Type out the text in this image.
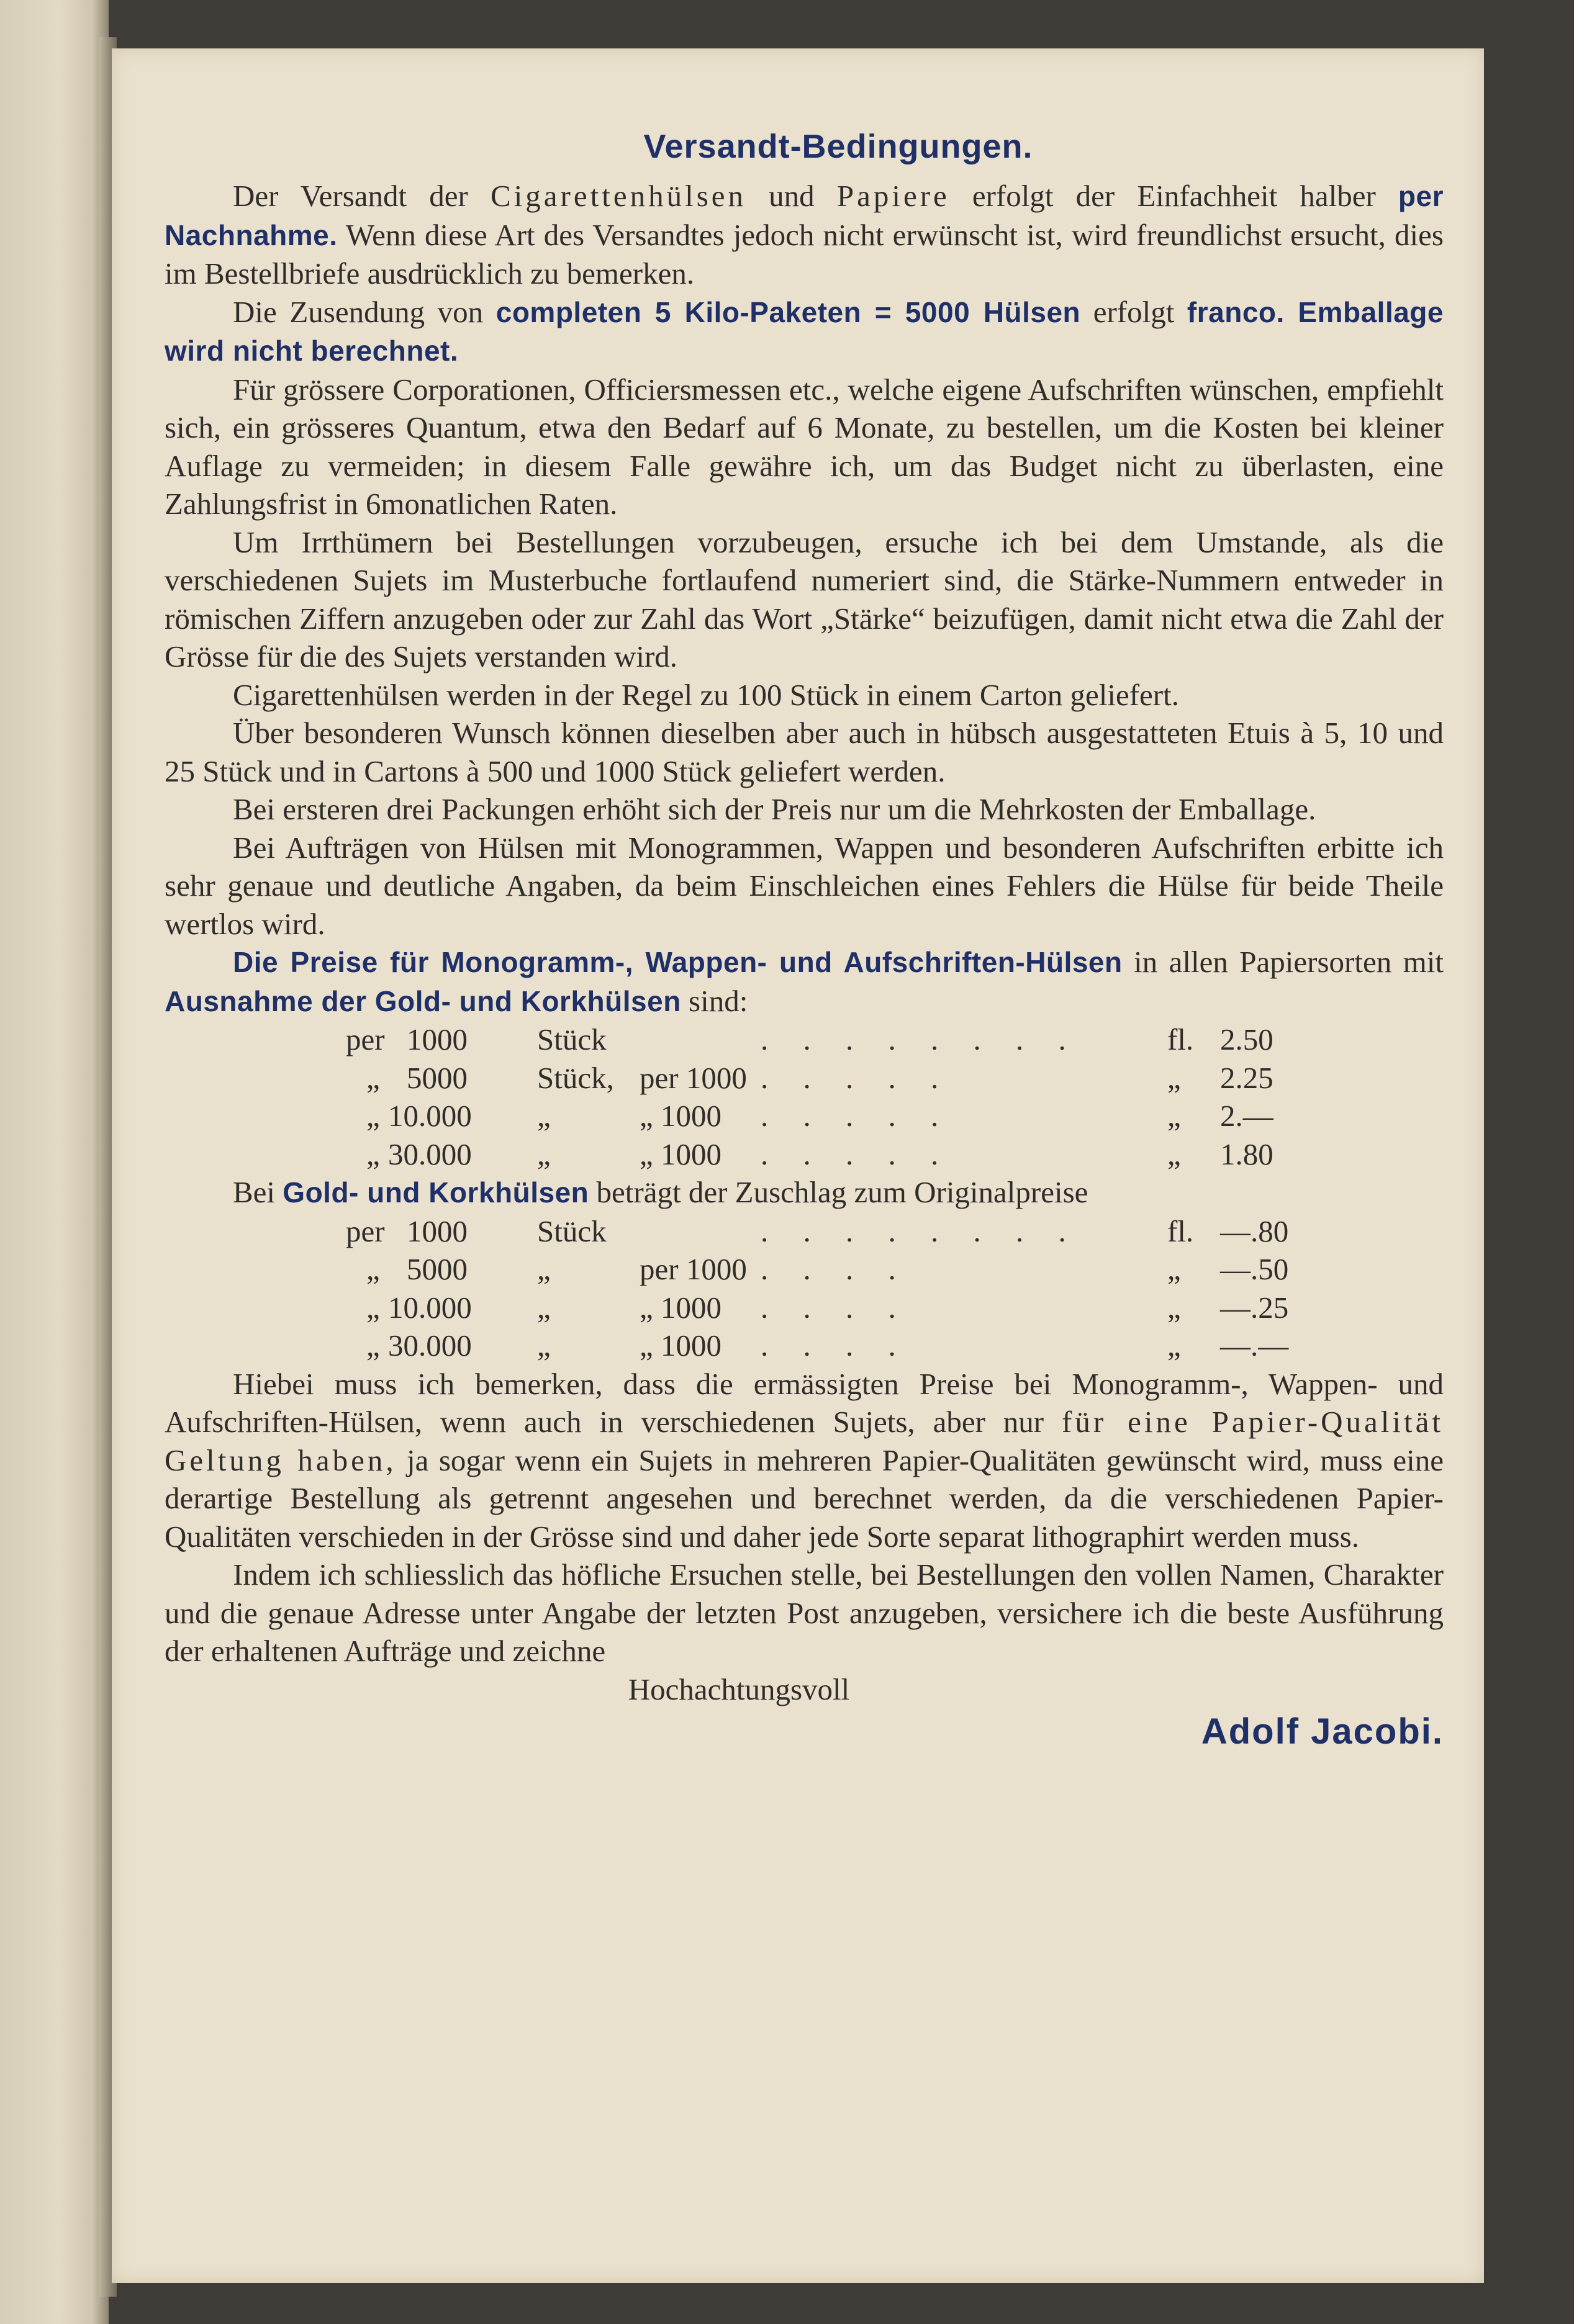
Versandt-Bedingungen.

Der Versandt der Cigarettenhülsen und Papiere erfolgt der Einfachheit halber per Nachnahme. Wenn diese Art des Versandtes jedoch nicht erwünscht ist, wird freundlichst ersucht, dies im Bestellbriefe ausdrücklich zu bemerken.

Die Zusendung von completen 5 Kilo-Paketen = 5000 Hülsen erfolgt franco. Emballage wird nicht berechnet.

Für grössere Corporationen, Officiersmessen etc., welche eigene Aufschriften wünschen, empfiehlt sich, ein grösseres Quantum, etwa den Bedarf auf 6 Monate, zu bestellen, um die Kosten bei kleiner Auflage zu vermeiden; in diesem Falle gewähre ich, um das Budget nicht zu überlasten, eine Zahlungsfrist in 6monatlichen Raten.

Um Irrthümern bei Bestellungen vorzubeugen, ersuche ich bei dem Umstande, als die verschiedenen Sujets im Musterbuche fortlaufend numeriert sind, die Stärke-Nummern entweder in römischen Ziffern anzugeben oder zur Zahl das Wort „Stärke“ beizufügen, damit nicht etwa die Zahl der Grösse für die des Sujets verstanden wird.

Cigarettenhülsen werden in der Regel zu 100 Stück in einem Carton geliefert.

Über besonderen Wunsch können dieselben aber auch in hübsch ausgestatteten Etuis à 5, 10 und 25 Stück und in Cartons à 500 und 1000 Stück geliefert werden.

Bei ersteren drei Packungen erhöht sich der Preis nur um die Mehrkosten der Emballage.

Bei Aufträgen von Hülsen mit Monogrammen, Wappen und besonderen Aufschriften erbitte ich sehr genaue und deutliche Angaben, da beim Einschleichen eines Fehlers die Hülse für beide Theile wertlos wird.

Die Preise für Monogramm-, Wappen- und Aufschriften-Hülsen in allen Papiersorten mit Ausnahme der Gold- und Korkhülsen sind:

per 1000 Stück	. . . . . . . .	fl. 2.50
„ 5000 Stück, per 1000 . . . . .	„ 2.25
„ 10.000 „	„ 1000 . . . . .	„ 2.—
„ 30.000 „	„ 1000 . . . . .	„ 1.80

Bei Gold- und Korkhülsen beträgt der Zuschlag zum Originalpreise

per 1000 Stück	. . . . . . . .	fl. —.80
„ 5000 „	per 1000 . . . .	„ —.50
„ 10.000 „	„ 1000 . . . .	„ —.25
„ 30.000 „	„ 1000 . . . .	„ —.—

Hiebei muss ich bemerken, dass die ermässigten Preise bei Monogramm-, Wappen- und Aufschriften-Hülsen, wenn auch in verschiedenen Sujets, aber nur für eine Papier-Qualität Geltung haben, ja sogar wenn ein Sujets in mehreren Papier-Qualitäten gewünscht wird, muss eine derartige Bestellung als getrennt angesehen und berechnet werden, da die verschiedenen Papier-Qualitäten verschieden in der Grösse sind und daher jede Sorte separat lithographirt werden muss.

Indem ich schliesslich das höfliche Ersuchen stelle, bei Bestellungen den vollen Namen, Charakter und die genaue Adresse unter Angabe der letzten Post anzugeben, versichere ich die beste Ausführung der erhaltenen Aufträge und zeichne

Hochachtungsvoll

Adolf Jacobi.
